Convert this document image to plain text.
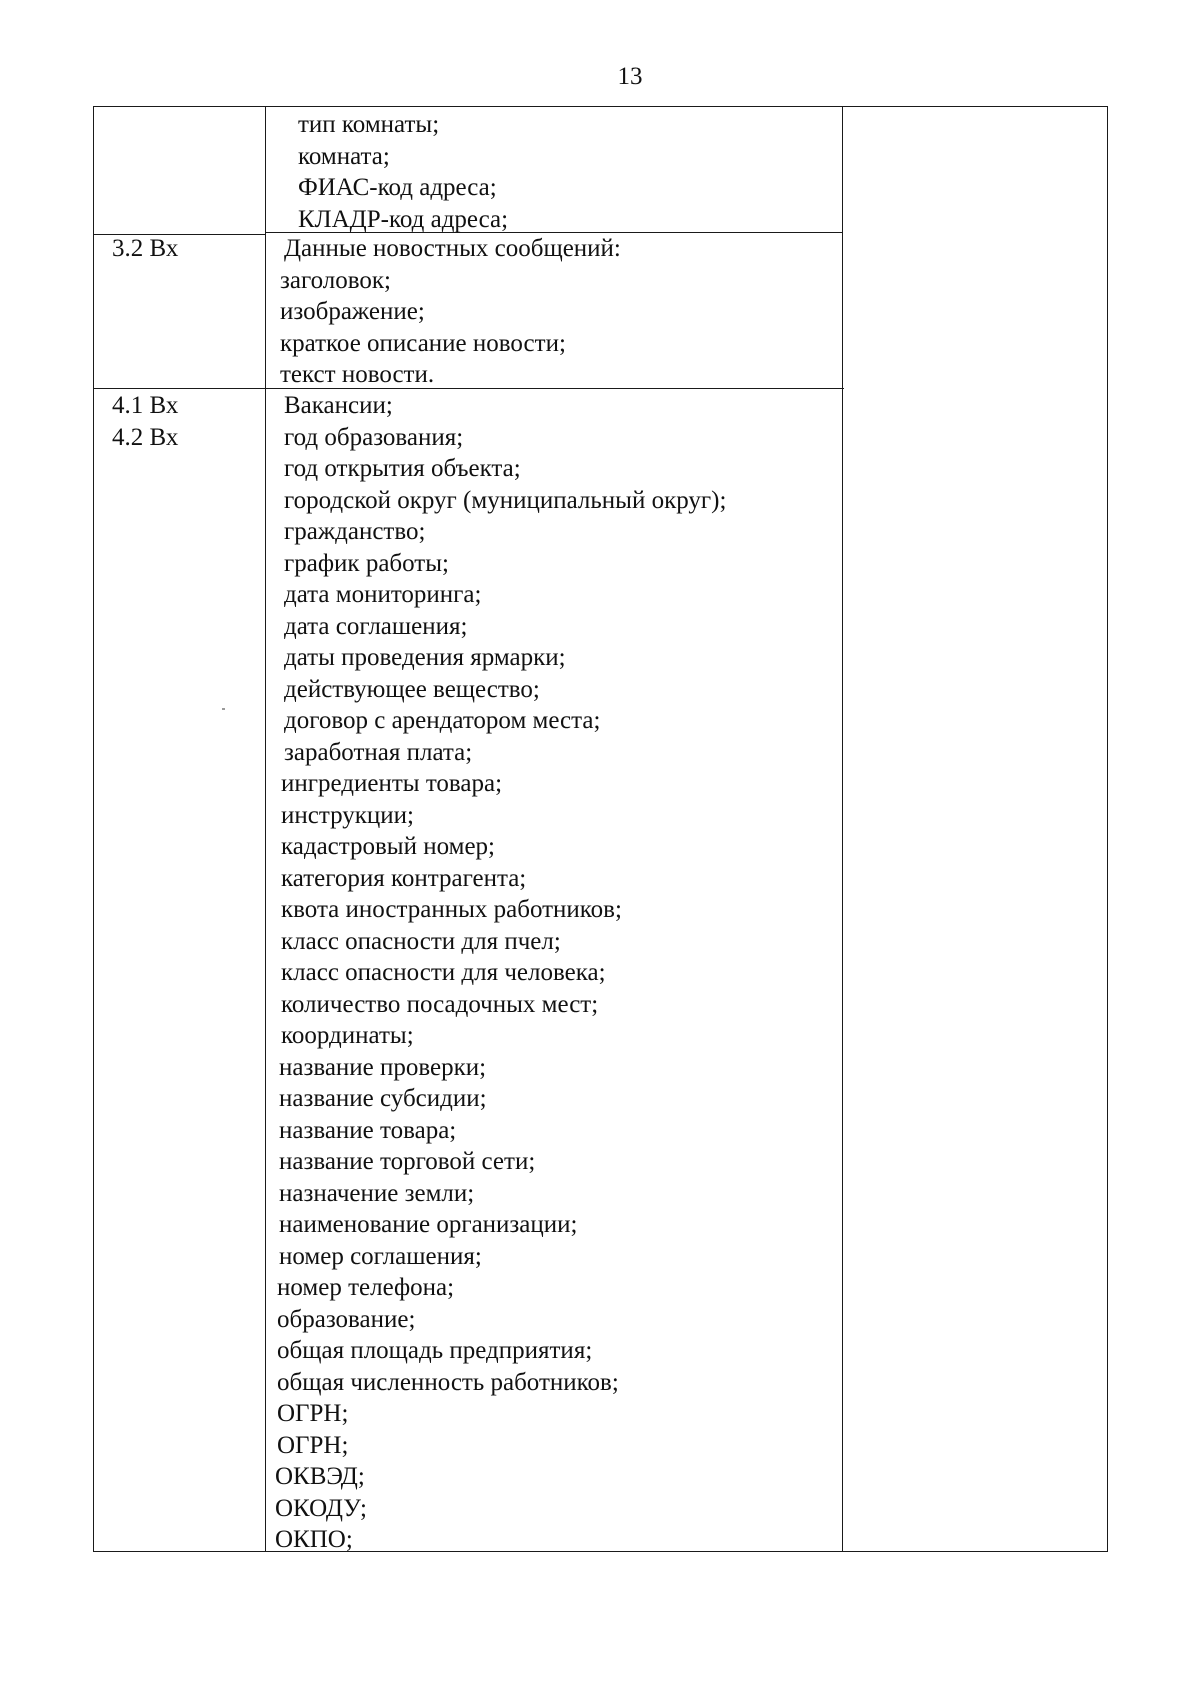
13
тип комнаты;
комната;
ФИАС-код адреса;
КЛАДР-код адреса;
3.2 Вх	Данные новостных сообщений:
заголовок;
изображение;
краткое описание новости;
текст новости.
4.1 Вх
4.2 Вх
Вакансии;
год образования;
год открытия объекта;
городской округ (муниципальный округ);
гражданство;
график работы;
дата мониторинга;
дата соглашения;
даты проведения ярмарки;
действующее вещество;
договор с арендатором места;
заработная плата;
ингредиенты товара;
инструкции;
кадастровый номер;
категория контрагента;
квота иностранных работников;
класс опасности для пчел;
класс опасности для человека;
количество посадочных мест;
координаты;
название проверки;
название субсидии;
название товара;
название торговой сети;
назначение земли;
наименование организации;
номер соглашения;
номер телефона;
образование;
общая площадь предприятия;
общая численность работников;
ОГРН;
ОГРН;
ОКВЭД;
ОКОДУ;
ОКПО;
